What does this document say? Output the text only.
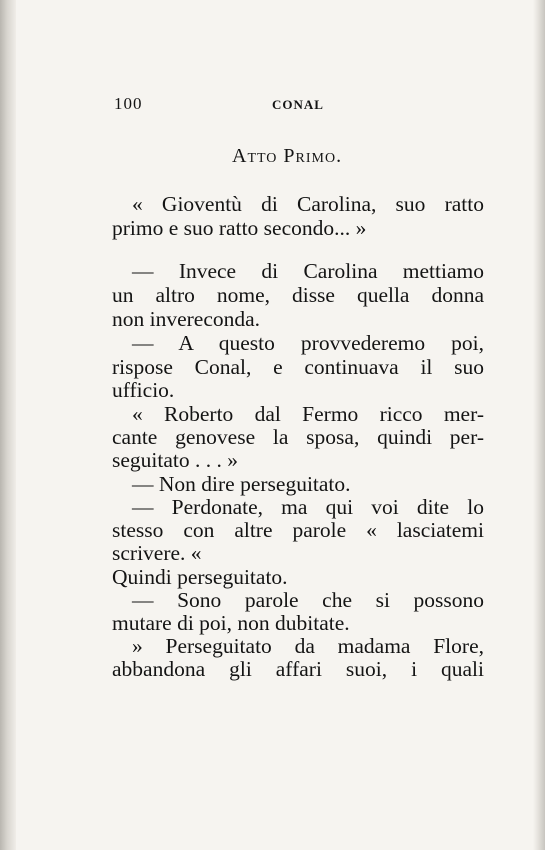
100	CONAL
Atto Primo.
« Gioventù di Carolina, suo ratto
primo e suo ratto secondo... »
— Invece di Carolina mettiamo
un altro nome, disse quella donna
non invereconda.
— A questo provvederemo poi,
rispose Conal, e continuava il suo
ufficio.
« Roberto dal Fermo ricco mer-
cante genovese la sposa, quindi per-
seguitato . . . »
— Non dire perseguitato.
— Perdonate, ma qui voi dite lo
stesso con altre parole « lasciatemi
scrivere. «
Quindi perseguitato.
— Sono parole che si possono
mutare di poi, non dubitate.
» Perseguitato da madama Flore,
abbandona gli affari suoi, i quali
